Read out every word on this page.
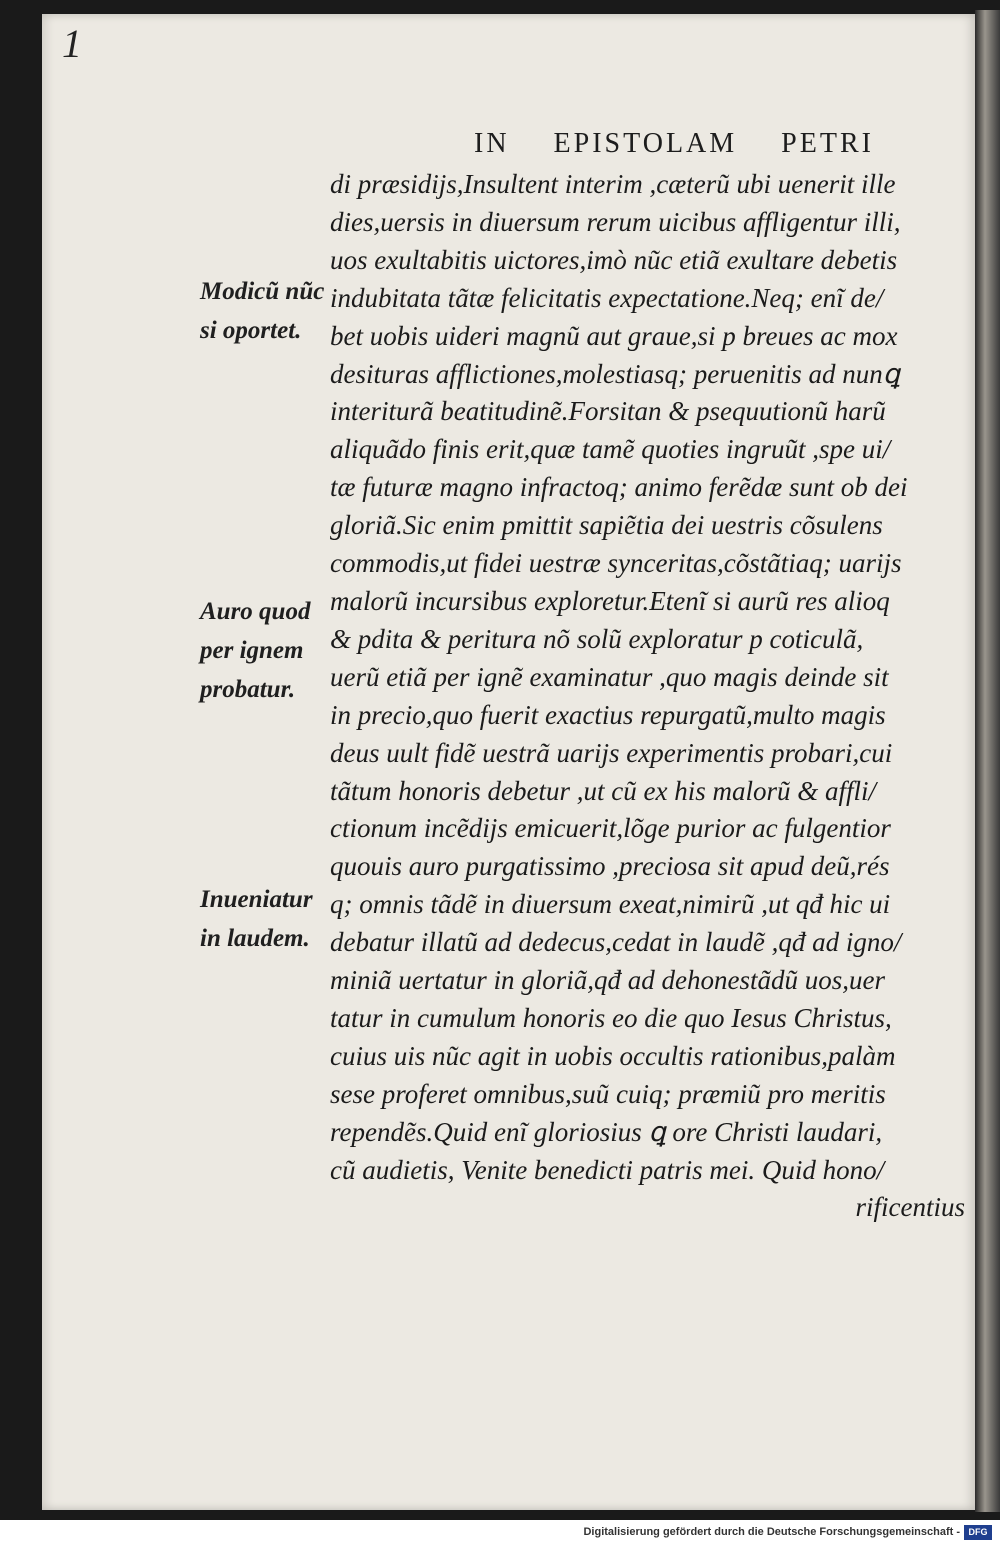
1
IN EPISTOLAM PETRI
Modicũ nũc
si oportet.
Auro quod
per ignem
probatur.
Inueniatur
in laudem.
di præsidijs,Insultent interim ,cæterũ ubi uenerit ille
dies,uersis in diuersum rerum uicibus affligentur illi,
uos exultabitis uictores,imò nũc etiã exultare debetis
indubitata tãtæ felicitatis expectatione.Neq; enĩ de/
bet uobis uideri magnũ aut graue,si p breues ac mox
desituras afflictiones,molestiasq; peruenitis ad nunꝗ
interiturã beatitudinẽ.Forsitan & psequutionũ harũ
aliquãdo finis erit,quæ tamẽ quoties ingruũt ,spe ui/
tæ futuræ magno infractoq; animo ferẽdæ sunt ob dei
gloriã.Sic enim pmittit sapiẽtia dei uestris cõsulens
commodis,ut fidei uestræ synceritas,cõstãtiaq; uarijs
malorũ incursibus exploretur.Etenĩ si aurũ res alioq
& pdita & peritura nõ solũ exploratur p coticulã,
uerũ etiã per ignẽ examinatur ,quo magis deinde sit
in precio,quo fuerit exactius repurgatũ,multo magis
deus uult fidẽ uestrã uarijs experimentis probari,cui
tãtum honoris debetur ,ut cũ ex his malorũ & affli/
ctionum incẽdijs emicuerit,lõge purior ac fulgentior
quouis auro purgatissimo ,preciosa sit apud deũ,rés
q; omnis tãdẽ in diuersum exeat,nimirũ ,ut qđ hic ui
debatur illatũ ad dedecus,cedat in laudẽ ,qđ ad igno/
miniã uertatur in gloriã,qđ ad dehonestãdũ uos,uer
tatur in cumulum honoris eo die quo Iesus Christus,
cuius uis nũc agit in uobis occultis rationibus,palàm
sese proferet omnibus,suũ cuiq; præmiũ pro meritis
rependẽs.Quid enĩ gloriosius ꝗ ore Christi laudari,
cũ audietis, Venite benedicti patris mei. Quid hono/
rificentius
Digitalisierung gefördert durch die Deutsche Forschungsgemeinschaft - DFG
